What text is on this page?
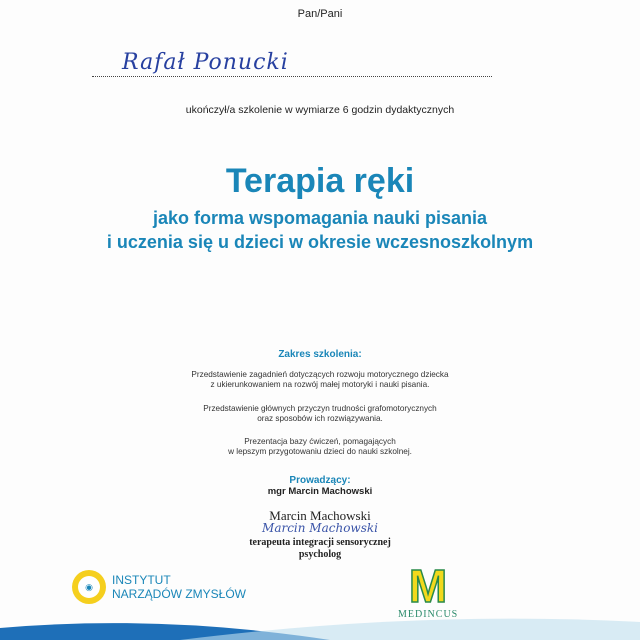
Pan/Pani
Rafał Ponucki
ukończył/a szkolenie w wymiarze 6 godzin dydaktycznych
Terapia ręki
jako forma wspomagania nauki pisania
i uczenia się u dzieci w okresie wczesnoszkolnym
Zakres szkolenia:
Przedstawienie zagadnień dotyczących rozwoju motorycznego dziecka
z ukierunkowaniem na rozwój małej motoryki i nauki pisania.
Przedstawienie głównych przyczyn trudności grafomotorycznych
oraz sposobów ich rozwiązywania.
Prezentacja bazy ćwiczeń, pomagających
w lepszym przygotowaniu dzieci do nauki szkolnej.
Prowadzący:
mgr Marcin Machowski
Marcin Machowski
Marcin Machowski
terapeuta integracji sensorycznej
psycholog
◉	INSTYTUT
NARZĄDÓW ZMYSŁÓW	M
MEDINCUS
